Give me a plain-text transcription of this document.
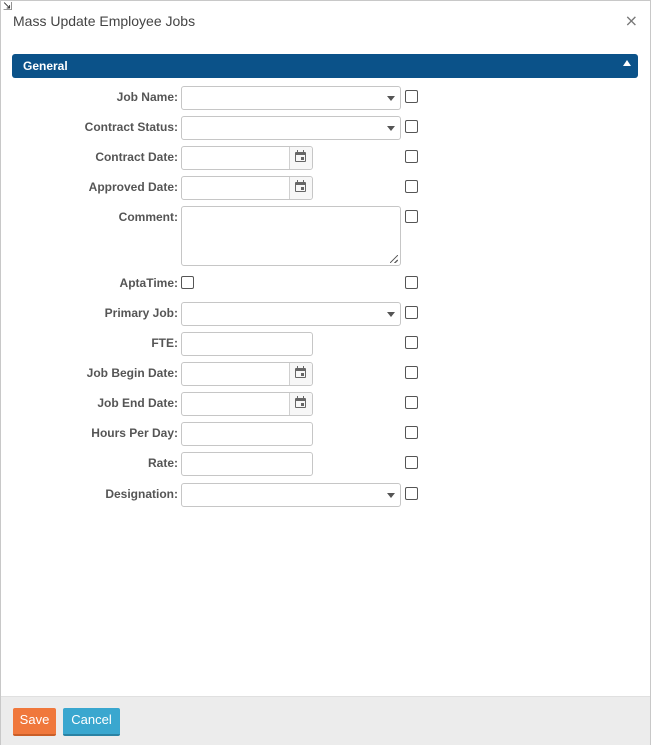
⇲
Mass Update Employee Jobs	×
General
Job Name:
Contract Status:
Contract Date:
Approved Date:
Comment:
AptaTime:
Primary Job:
FTE:
Job Begin Date:
Job End Date:
Hours Per Day:
Rate:
Designation:
Save	Cancel
